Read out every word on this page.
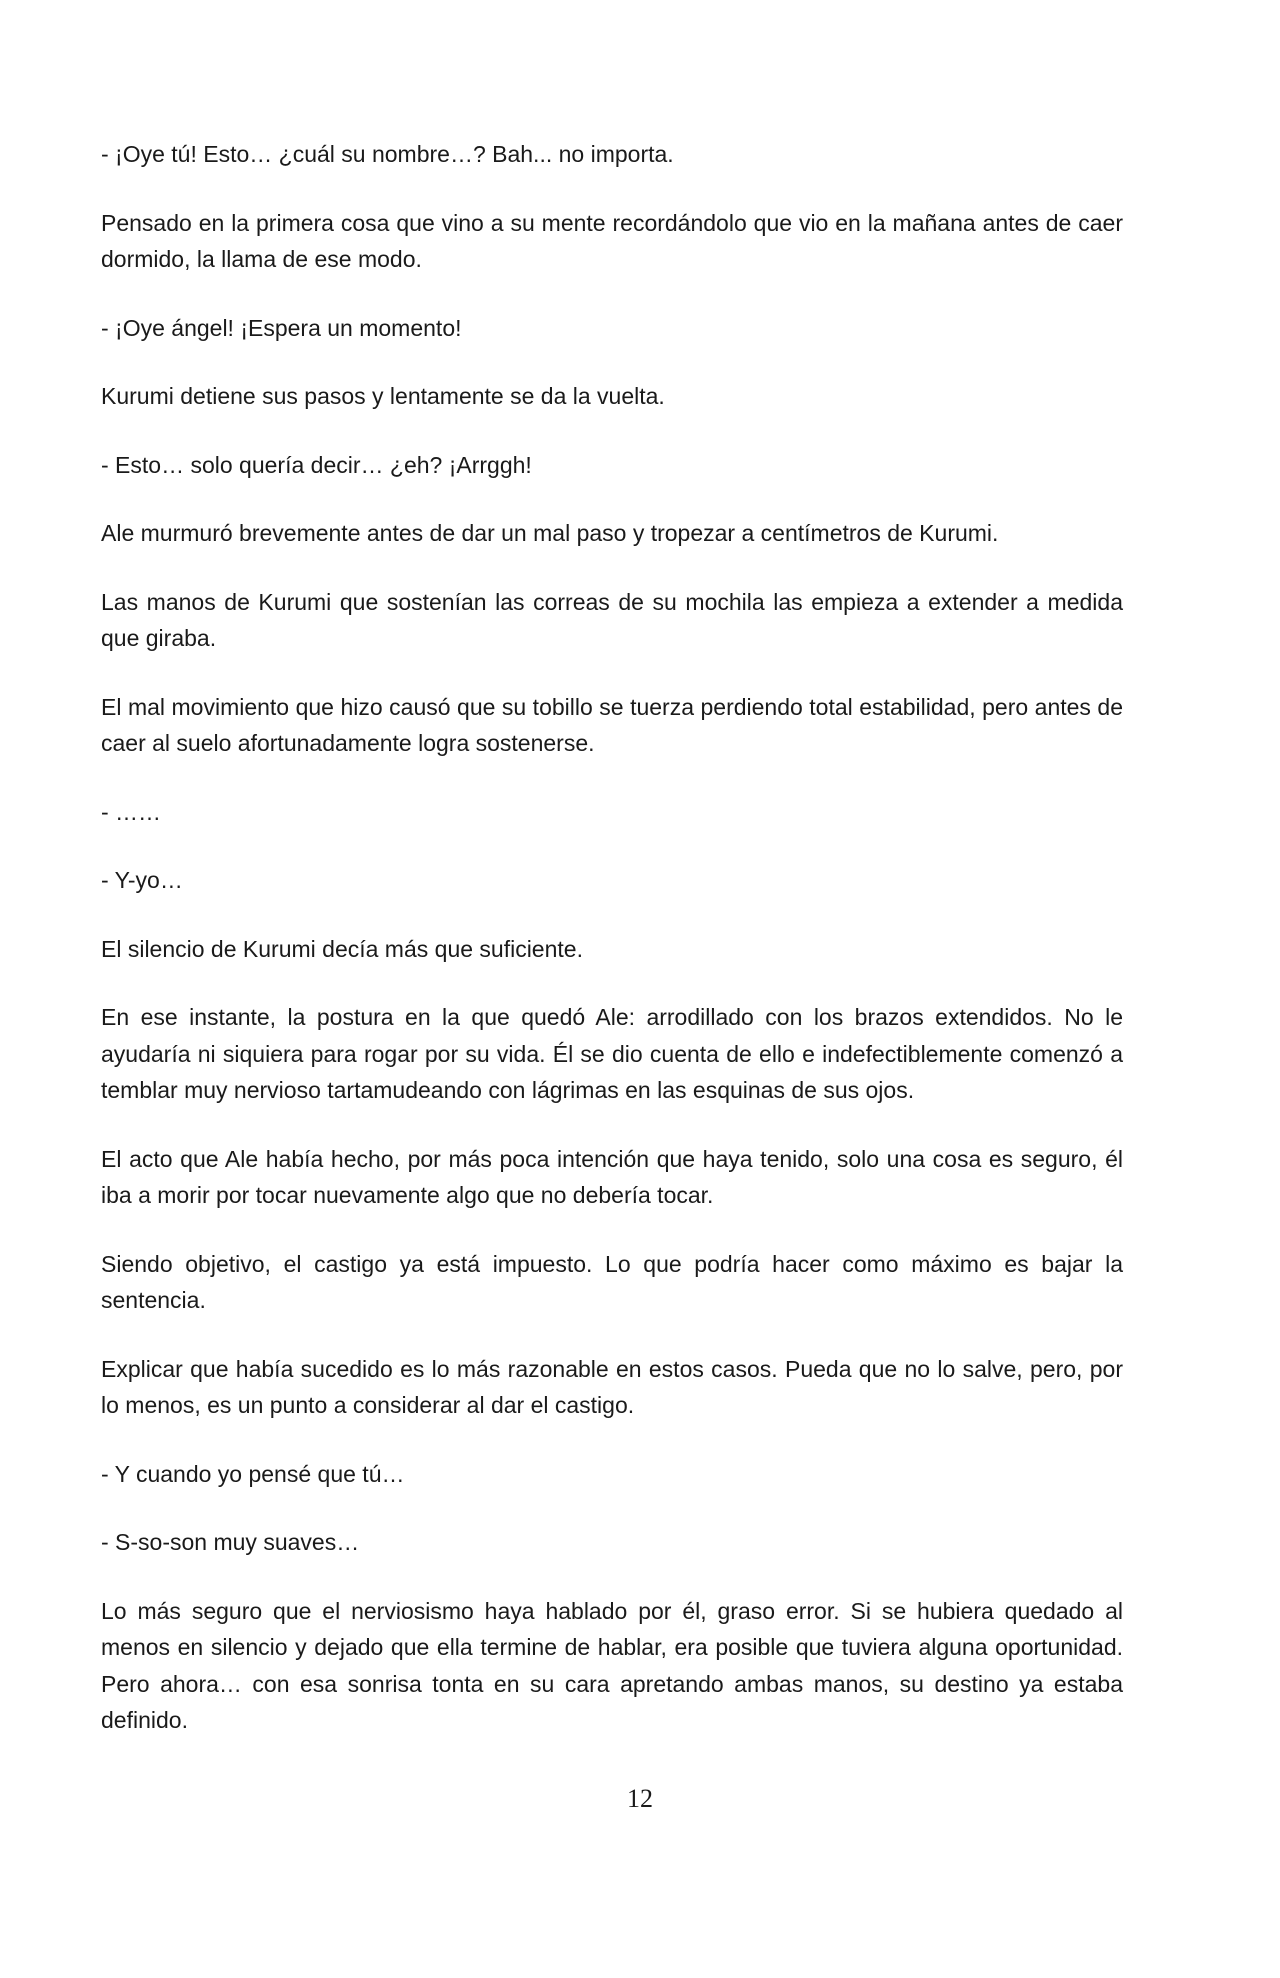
- ¡Oye tú! Esto… ¿cuál su nombre…? Bah... no importa.

Pensado en la primera cosa que vino a su mente recordándolo que vio en la mañana antes de caer dormido, la llama de ese modo.

- ¡Oye ángel! ¡Espera un momento!

Kurumi detiene sus pasos y lentamente se da la vuelta.

- Esto… solo quería decir… ¿eh? ¡Arrggh!

Ale murmuró brevemente antes de dar un mal paso y tropezar a centímetros de Kurumi.

Las manos de Kurumi que sostenían las correas de su mochila las empieza a extender a medida que giraba.

El mal movimiento que hizo causó que su tobillo se tuerza perdiendo total estabilidad, pero antes de caer al suelo afortunadamente logra sostenerse.

- ……

- Y-yo…

El silencio de Kurumi decía más que suficiente.

En ese instante, la postura en la que quedó Ale: arrodillado con los brazos extendidos. No le ayudaría ni siquiera para rogar por su vida. Él se dio cuenta de ello e indefectiblemente comenzó a temblar muy nervioso tartamudeando con lágrimas en las esquinas de sus ojos.

El acto que Ale había hecho, por más poca intención que haya tenido, solo una cosa es seguro, él iba a morir por tocar nuevamente algo que no debería tocar.

Siendo objetivo, el castigo ya está impuesto. Lo que podría hacer como máximo es bajar la sentencia.

Explicar que había sucedido es lo más razonable en estos casos. Pueda que no lo salve, pero, por lo menos, es un punto a considerar al dar el castigo.

- Y cuando yo pensé que tú…

- S-so-son muy suaves…

Lo más seguro que el nerviosismo haya hablado por él, graso error. Si se hubiera quedado al menos en silencio y dejado que ella termine de hablar, era posible que tuviera alguna oportunidad. Pero ahora… con esa sonrisa tonta en su cara apretando ambas manos, su destino ya estaba definido.

12
